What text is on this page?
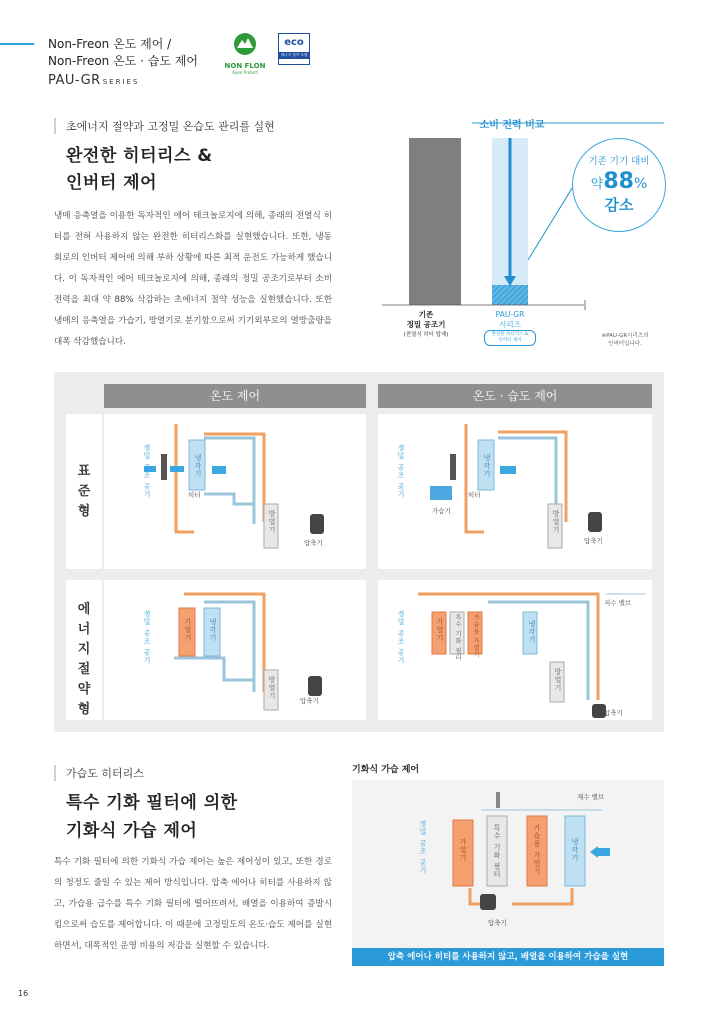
Non-Freon 온도 제어 /
Non-Freon 온도 · 습도 제어
PAU-GR SERIES
NON FLON
Ajuro Protect
eco
에너지 절약 모델
초에너지 절약과 고정밀 온습도 관리를 실현
완전한 히터리스 &
인버터 제어
냉매 응축열을 이용한 독자적인 에어 테크놀로지에 의해, 종래의 전열식 히터를 전혀 사용하지 않는 완전한 히터리스화를 실현했습니다. 또한, 냉동 회로의 인버터 제어에 의해 부하 상황에 따른 최적 운전도 가능하게 했습니다. 이 독자적인 에어 테크놀로지에 의해, 종래의 정밀 공조기로부터 소비 전력을 최대 약 88% 삭감하는 초에너지 절약 성능을 실현했습니다. 또한 냉매의 응축열을 가습기, 방열기로 분기함으로써 기기외부로의 열방출량을 대폭 삭감했습니다.
소비 전력 비교
기존 기기 대비
약88%
감소
기존
정밀 공조기
(전열식 히터 탑재)
PAU-GR
시리즈
완전한 히터리스 &
인버터 제어
※PAU-GR시리즈의
인버터입니다.
온도 제어	온도 · 습도 제어
표준형
에너지 절약형
정밀 공조 공기	히터
냉각기
방열기
압축기
정밀 공조 공기
가습기
히터
냉각기
방열기
압축기
정밀 공조 공기	가열기 냉각기
방열기
압축기
저수 밸브
정밀 공조 공기	가열기 특수 기화 필터 가습용 가열기	냉각기
방열기
압축기
가습도 히터리스
특수 기화 필터에 의한
기화식 가습 제어
특수 기화 필터에 의한 기화식 가습 제어는 높은 제어성이 있고, 또한 경로의 청정도 줄일 수 있는 제어 방식입니다. 압축 에어나 히터를 사용하지 않고, 가습용 급수를 특수 기화 필터에 떨어뜨려서, 배열을 이용하여 증발시킴으로써 습도를 제어합니다. 이 때문에 고정밀도의 온도·습도 제어를 실현하면서, 대폭적인 운영 비용의 저감을 실현할 수 있습니다.
기화식 가습 제어
재수 밸브
정밀 공조 공기	가열기	특수 기화 필터	가습용 가열기	냉각기
압축기
압축 에어나 히터를 사용하지 않고, 배열을 이용하여 가습을 실현
16
